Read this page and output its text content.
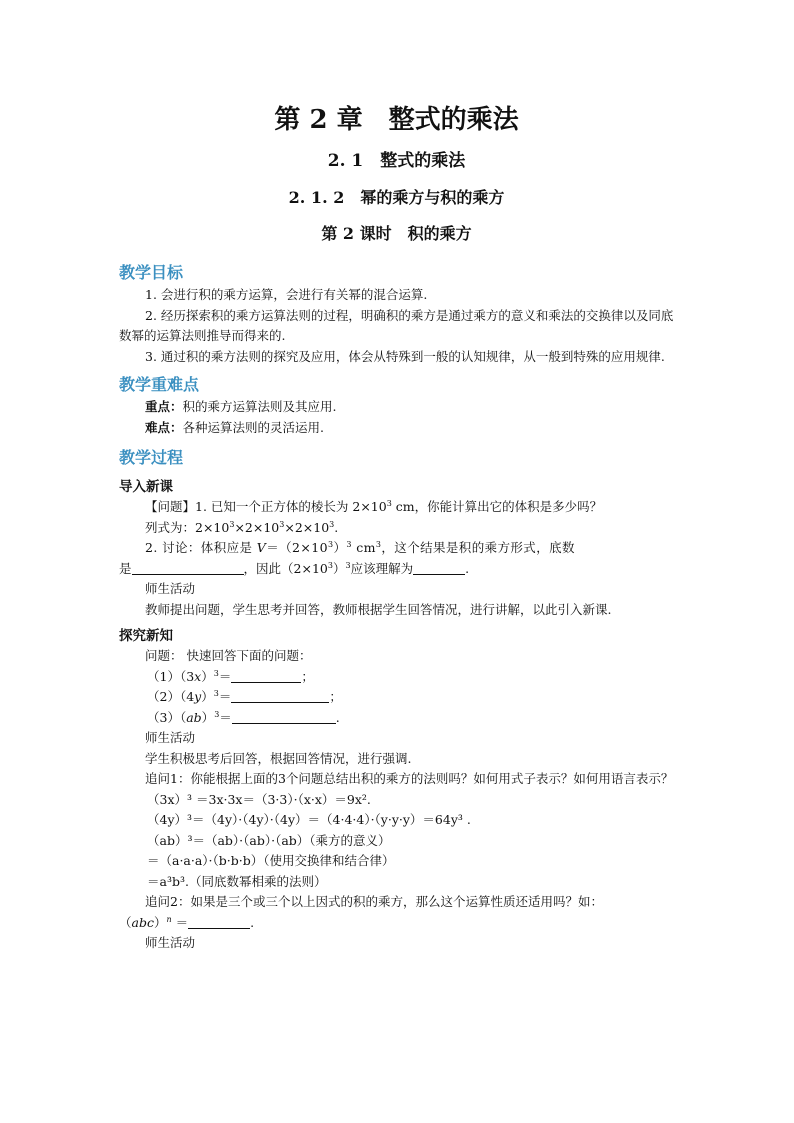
第 2 章　整式的乘法
2. 1　整式的乘法
2. 1. 2　幂的乘方与积的乘方
第 2 课时　积的乘方
教学目标
1. 会进行积的乘方运算，会进行有关幂的混合运算.
2. 经历探索积的乘方运算法则的过程，明确积的乘方是通过乘方的意义和乘法的交换律以及同底数幂的运算法则推导而得来的.
3. 通过积的乘方法则的探究及应用，体会从特殊到一般的认知规律，从一般到特殊的应用规律.
教学重难点
重点：积的乘方运算法则及其应用.
难点：各种运算法则的灵活运用.
教学过程
导入新课
【问题】1. 已知一个正方体的棱长为 $2\times 10^3$ cm，你能计算出它的体积是多少吗？
列式为：$2\times 10^3\times 2\times 10^3\times 2\times 10^3$.
2. 讨论：体积应是 $V=(2\times 10^3)^3$ $cm^3$，这个结果是积的乘方形式，底数
是	，因此$(2\times 10^3)^3$应该理解为	.
师生活动
教师提出问题，学生思考并回答，教师根据学生回答情况，进行讲解，以此引入新课.
探究新知
问题： 快速回答下面的问题：
$(1)(3x)^3=$	；
$(2)(4y)^3=$	；
（3）（ab）$^3$＝	.
师生活动
学生积极思考后回答，根据回答情况，进行强调.
追问1：你能根据上面的3个问题总结出积的乘方的法则吗？如何用式子表示？如何用语言表示？
（3x）³ ＝3x·3x＝（3·3）·（x·x）＝9x².
（4y）³＝（4y）·（4y）·（4y）＝（4·4·4）·（y·y·y）＝64y³ .
（ab）³＝（ab）·（ab）·（ab）（乘方的意义）
＝（a·a·a）·（b·b·b）（使用交换律和结合律）
＝a³b³.（同底数幂相乘的法则）
追问2：如果是三个或三个以上因式的积的乘方，那么这个运算性质还适用吗？如：
（abc）$^n$ ＝	.
师生活动
